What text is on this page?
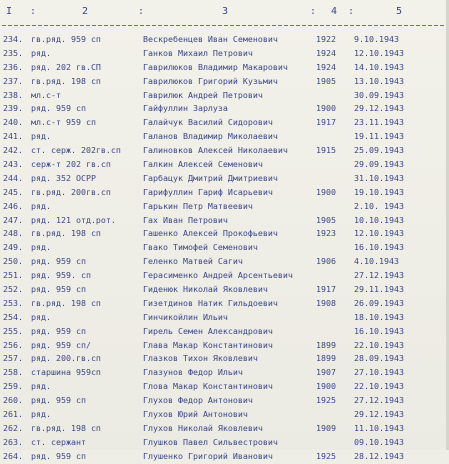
I :	2	:	3	: 4 :	5
234. гв.ряд. 959 сп	Вескребенцев Иван Семенович	1922	9.10.1943
235. ряд.	Ганков Михаил Петрович	1924	12.10.1943
236. ряд. 202 гв.СП	Гаврилюков Владимир Макарович	1924	14.10.1943
237. гв.ряд. 198 сп	Гаврилюков Григорий Кузьмич	1905	13.10.1943
238. мл.с-т	Гаврилюк Андрей Петрович	30.09.1943
239. ряд. 959 сп	Гайфуллин Зарлуза	1900	29.12.1943
240. мл.с-т 959 сп	Галайчук Василий Сидорович	1917	23.11.1943
241. ряд.	Галанов Владимир Миколаевич	19.11.1943
242. ст. серж. 202гв.сп	Галиновков Алексей Николаевич	1915	25.09.1943
243. серж-т 202 гв.сп	Галкин Алексей Семенович	29.09.1943
244. ряд. 352 ОСРР	Гарбацук Дмитрий Дмитриевич	31.10.1943
245. гв.ряд. 200гв.сп	Гарифуллин Гариф Исарьевич	1900	19.10.1943
246. ряд.	Гарькин Петр Матвеевич	2.10. 1943
247. ряд. 121 отд.рот.	Гах Иван Петрович	1905	10.10.1943
248. гв.ряд. 198 сп	Гашенко Алексей Прокофьевич	1923	12.10.1943
249. ряд.	Гвако Тимофей Семенович	16.10.1943
250. ряд. 959 сп	Геленко Матвей Сагич	1906	4.10.1943
251. ряд. 959. сп	Герасименко Андрей Арсентьевич	27.12.1943
252. ряд. 959 сп	Гиденюк Николай Яковлевич	1917	29.11.1943
253. гв.ряд. 198 сп	Гизетдинов Натик Гильдоевич	1908	26.09.1943
254. ряд.	Гинчикойлин Ильич	18.10.1943
255. ряд. 959 сп	Гирель Семен Александрович	16.10.1943
256. ряд. 959 сп/	Глава Макар Константинович	1899	22.10.1943
257. ряд. 200.гв.сп	Глазков Тихон Яковлевич	1899	28.09.1943
258. старшина 959сп	Глазунов Федор Ильич	1907	27.10.1943
259. ряд.	Глова Макар Константинович	1900	22.10.1943
260. ряд. 959 сп	Глухов Федор Антонович	1925	27.12.1943
261. ряд.	Глухов Юрий Антонович	29.12.1943
262. гв.ряд. 198 сп	Глухов Николай Яковлевич	1909	11.10.1943
263. ст. сержант	Глушков Павел Сильвестрович	09.10.1943
264. ряд. 959 сп	Глушенко Григорий Иванович	1925	28.12.1943
